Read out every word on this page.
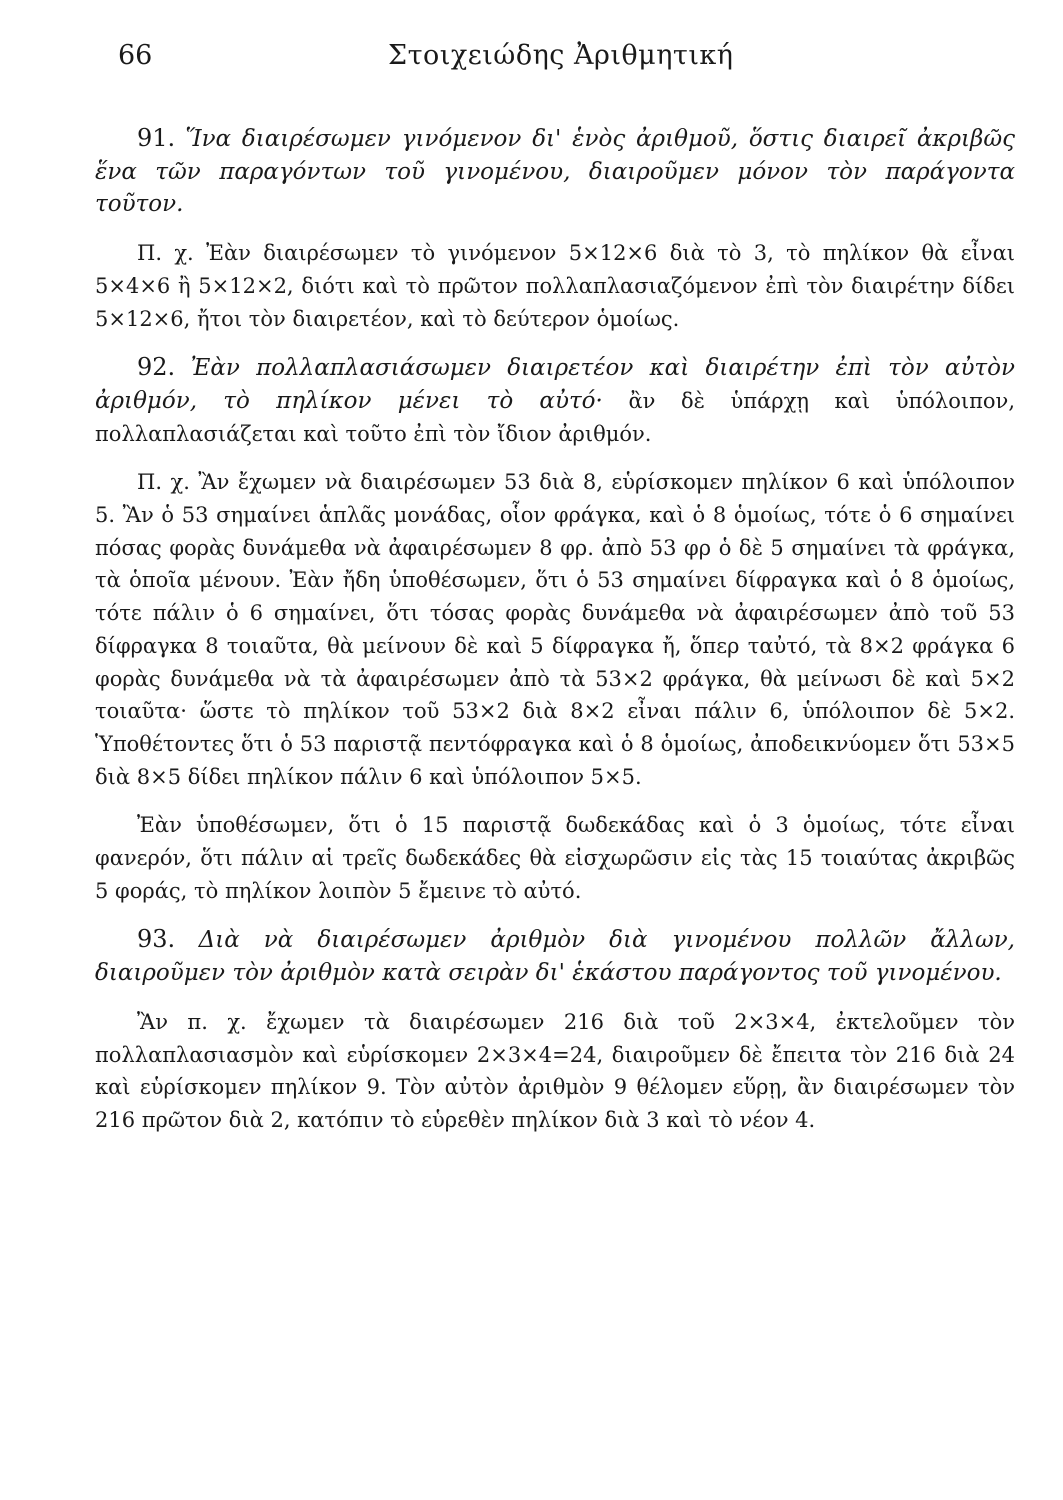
66	Στοιχειώδης Ἀριθμητική

91. Ἵνα διαιρέσωμεν γινόμενον δι' ἑνὸς ἀριθμοῦ, ὅστις διαιρεῖ ἀκριβῶς ἕνα τῶν παραγόντων τοῦ γινομένου, διαιροῦμεν μόνον τὸν παράγοντα τοῦτον.

Π. χ. Ἐὰν διαιρέσωμεν τὸ γινόμενον 5×12×6 διὰ τὸ 3, τὸ πηλίκον θὰ εἶναι 5×4×6 ἢ 5×12×2, διότι καὶ τὸ πρῶτον πολλαπλασιαζόμενον ἐπὶ τὸν διαιρέτην δίδει 5×12×6, ἤτοι τὸν διαιρετέον, καὶ τὸ δεύτερον ὁμοίως.

92. Ἐὰν πολλαπλασιάσωμεν διαιρετέον καὶ διαιρέτην ἐπὶ τὸν αὐτὸν ἀριθμόν, τὸ πηλίκον μένει τὸ αὐτό· ἂν δὲ ὑπάρχῃ καὶ ὑπόλοιπον, πολλαπλασιάζεται καὶ τοῦτο ἐπὶ τὸν ἴδιον ἀριθμόν.

Π. χ. Ἂν ἔχωμεν νὰ διαιρέσωμεν 53 διὰ 8, εὑρίσκομεν πηλίκον 6 καὶ ὑπόλοιπον 5. Ἂν ὁ 53 σημαίνει ἁπλᾶς μονάδας, οἷον φράγκα, καὶ ὁ 8 ὁμοίως, τότε ὁ 6 σημαίνει πόσας φορὰς δυνάμεθα νὰ ἀφαιρέσωμεν 8 φρ. ἀπὸ 53 φρ ὁ δὲ 5 σημαίνει τὰ φράγκα, τὰ ὁποῖα μένουν. Ἐὰν ἤδη ὑποθέσωμεν, ὅτι ὁ 53 σημαίνει δίφραγκα καὶ ὁ 8 ὁμοίως, τότε πάλιν ὁ 6 σημαίνει, ὅτι τόσας φορὰς δυνάμεθα νὰ ἀφαιρέσωμεν ἀπὸ τοῦ 53 δίφραγκα 8 τοιαῦτα, θὰ μείνουν δὲ καὶ 5 δίφραγκα ἤ, ὅπερ ταὐτό, τὰ 8×2 φράγκα 6 φορὰς δυνάμεθα νὰ τὰ ἀφαιρέσωμεν ἀπὸ τὰ 53×2 φράγκα, θὰ μείνωσι δὲ καὶ 5×2 τοιαῦτα· ὥστε τὸ πηλίκον τοῦ 53×2 διὰ 8×2 εἶναι πάλιν 6, ὑπόλοιπον δὲ 5×2. Ὑποθέτοντες ὅτι ὁ 53 παριστᾷ πεντόφραγκα καὶ ὁ 8 ὁμοίως, ἀποδεικνύομεν ὅτι 53×5 διὰ 8×5 δίδει πηλίκον πάλιν 6 καὶ ὑπόλοιπον 5×5.

Ἐὰν ὑποθέσωμεν, ὅτι ὁ 15 παριστᾷ δωδεκάδας καὶ ὁ 3 ὁμοίως, τότε εἶναι φανερόν, ὅτι πάλιν αἱ τρεῖς δωδεκάδες θὰ εἰσχωρῶσιν εἰς τὰς 15 τοιαύτας ἀκριβῶς 5 φοράς, τὸ πηλίκον λοιπὸν 5 ἔμεινε τὸ αὐτό.

93. Διὰ νὰ διαιρέσωμεν ἀριθμὸν διὰ γινομένου πολλῶν ἄλλων, διαιροῦμεν τὸν ἀριθμὸν κατὰ σειρὰν δι' ἑκάστου παράγοντος τοῦ γινομένου.

Ἂν π. χ. ἔχωμεν τὰ διαιρέσωμεν 216 διὰ τοῦ 2×3×4, ἐκτελοῦμεν τὸν πολλαπλασιασμὸν καὶ εὑρίσκομεν 2×3×4=24, διαιροῦμεν δὲ ἔπειτα τὸν 216 διὰ 24 καὶ εὑρίσκομεν πηλίκον 9. Τὸν αὐτὸν ἀριθμὸν 9 θέλομεν εὕρῃ, ἂν διαιρέσωμεν τὸν 216 πρῶτον διὰ 2, κατόπιν τὸ εὑρεθὲν πηλίκον διὰ 3 καὶ τὸ νέον 4.
